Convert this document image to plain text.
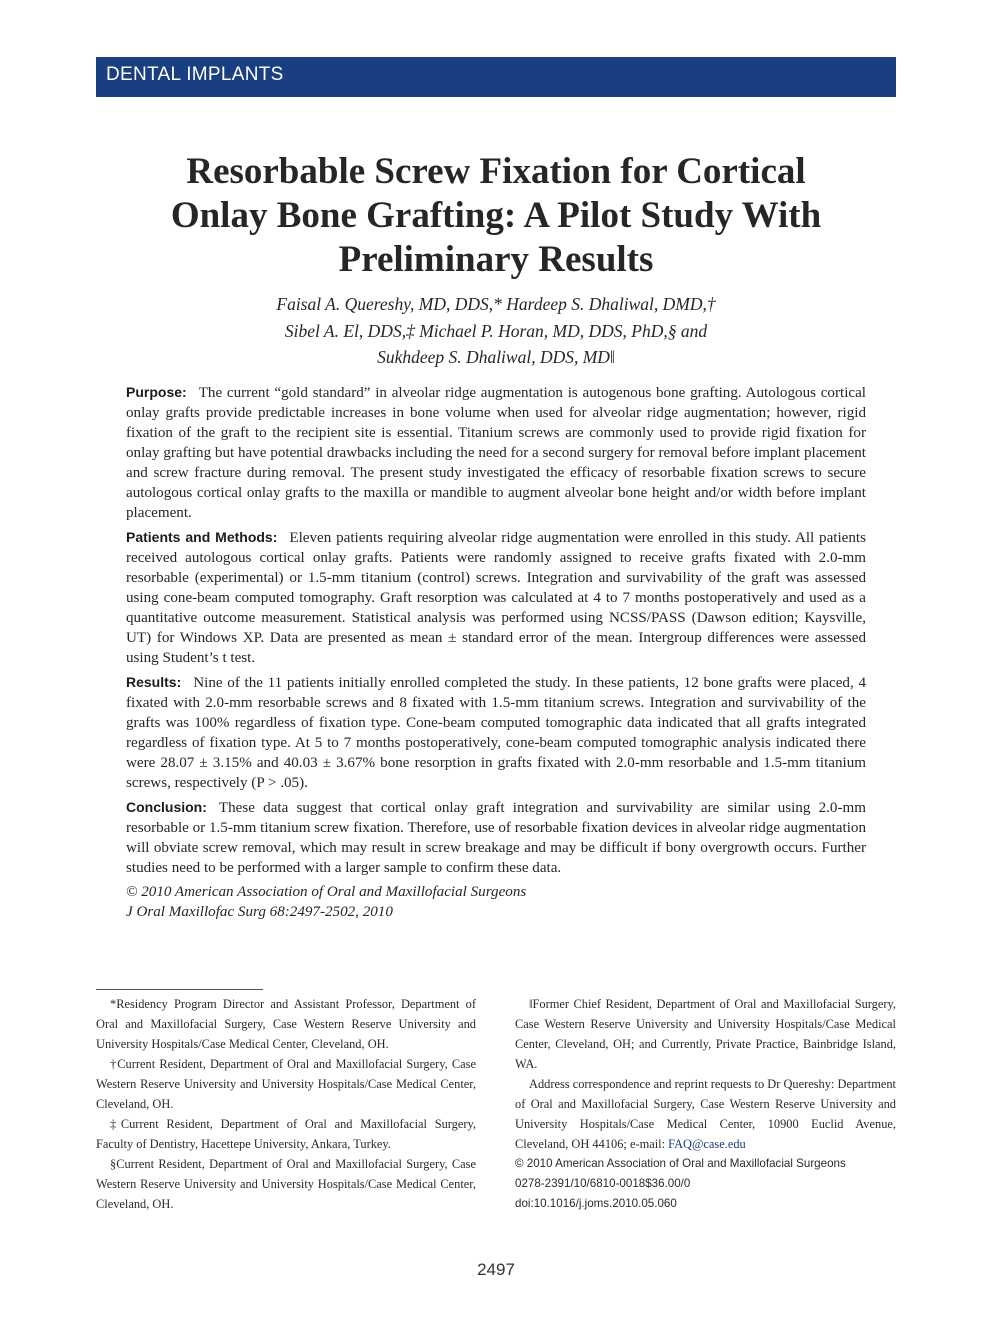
DENTAL IMPLANTS
Resorbable Screw Fixation for Cortical
Onlay Bone Grafting: A Pilot Study With
Preliminary Results
Faisal A. Quereshy, MD, DDS,* Hardeep S. Dhaliwal, DMD,†
Sibel A. El, DDS,‡ Michael P. Horan, MD, DDS, PhD,§ and
Sukhdeep S. Dhaliwal, DDS, MD‖

Purpose: The current “gold standard” in alveolar ridge augmentation is autogenous bone grafting. Autologous cortical onlay grafts provide predictable increases in bone volume when used for alveolar ridge augmentation; however, rigid fixation of the graft to the recipient site is essential. Titanium screws are commonly used to provide rigid fixation for onlay grafting but have potential drawbacks including the need for a second surgery for removal before implant placement and screw fracture during removal. The present study investigated the efficacy of resorbable fixation screws to secure autologous cortical onlay grafts to the maxilla or mandible to augment alveolar bone height and/or width before implant placement.

Patients and Methods: Eleven patients requiring alveolar ridge augmentation were enrolled in this study. All patients received autologous cortical onlay grafts. Patients were randomly assigned to receive grafts fixated with 2.0-mm resorbable (experimental) or 1.5-mm titanium (control) screws. Integration and survivability of the graft was assessed using cone-beam computed tomography. Graft resorption was calculated at 4 to 7 months postoperatively and used as a quantitative outcome measurement. Statistical analysis was performed using NCSS/PASS (Dawson edition; Kaysville, UT) for Windows XP. Data are presented as mean ± standard error of the mean. Intergroup differences were assessed using Student’s t test.

Results: Nine of the 11 patients initially enrolled completed the study. In these patients, 12 bone grafts were placed, 4 fixated with 2.0-mm resorbable screws and 8 fixated with 1.5-mm titanium screws. Integration and survivability of the grafts was 100% regardless of fixation type. Cone-beam computed tomographic data indicated that all grafts integrated regardless of fixation type. At 5 to 7 months postoperatively, cone-beam computed tomographic analysis indicated there were 28.07 ± 3.15% and 40.03 ± 3.67% bone resorption in grafts fixated with 2.0-mm resorbable and 1.5-mm titanium screws, respectively (P > .05).

Conclusion: These data suggest that cortical onlay graft integration and survivability are similar using 2.0-mm resorbable or 1.5-mm titanium screw fixation. Therefore, use of resorbable fixation devices in alveolar ridge augmentation will obviate screw removal, which may result in screw breakage and may be difficult if bony overgrowth occurs. Further studies need to be performed with a larger sample to confirm these data.

© 2010 American Association of Oral and Maxillofacial Surgeons
J Oral Maxillofac Surg 68:2497-2502, 2010

*Residency Program Director and Assistant Professor, Department of Oral and Maxillofacial Surgery, Case Western Reserve University and University Hospitals/Case Medical Center, Cleveland, OH.

†Current Resident, Department of Oral and Maxillofacial Surgery, Case Western Reserve University and University Hospitals/Case Medical Center, Cleveland, OH.

‡Current Resident, Department of Oral and Maxillofacial Surgery, Faculty of Dentistry, Hacettepe University, Ankara, Turkey.

§Current Resident, Department of Oral and Maxillofacial Surgery, Case Western Reserve University and University Hospitals/Case Medical Center, Cleveland, OH.

‖Former Chief Resident, Department of Oral and Maxillofacial Surgery, Case Western Reserve University and University Hospitals/Case Medical Center, Cleveland, OH; and Currently, Private Practice, Bainbridge Island, WA.

Address correspondence and reprint requests to Dr Quereshy: Department of Oral and Maxillofacial Surgery, Case Western Reserve University and University Hospitals/Case Medical Center, 10900 Euclid Avenue, Cleveland, OH 44106; e-mail: FAQ@case.edu

© 2010 American Association of Oral and Maxillofacial Surgeons
0278-2391/10/6810-0018$36.00/0
doi:10.1016/j.joms.2010.05.060
2497
